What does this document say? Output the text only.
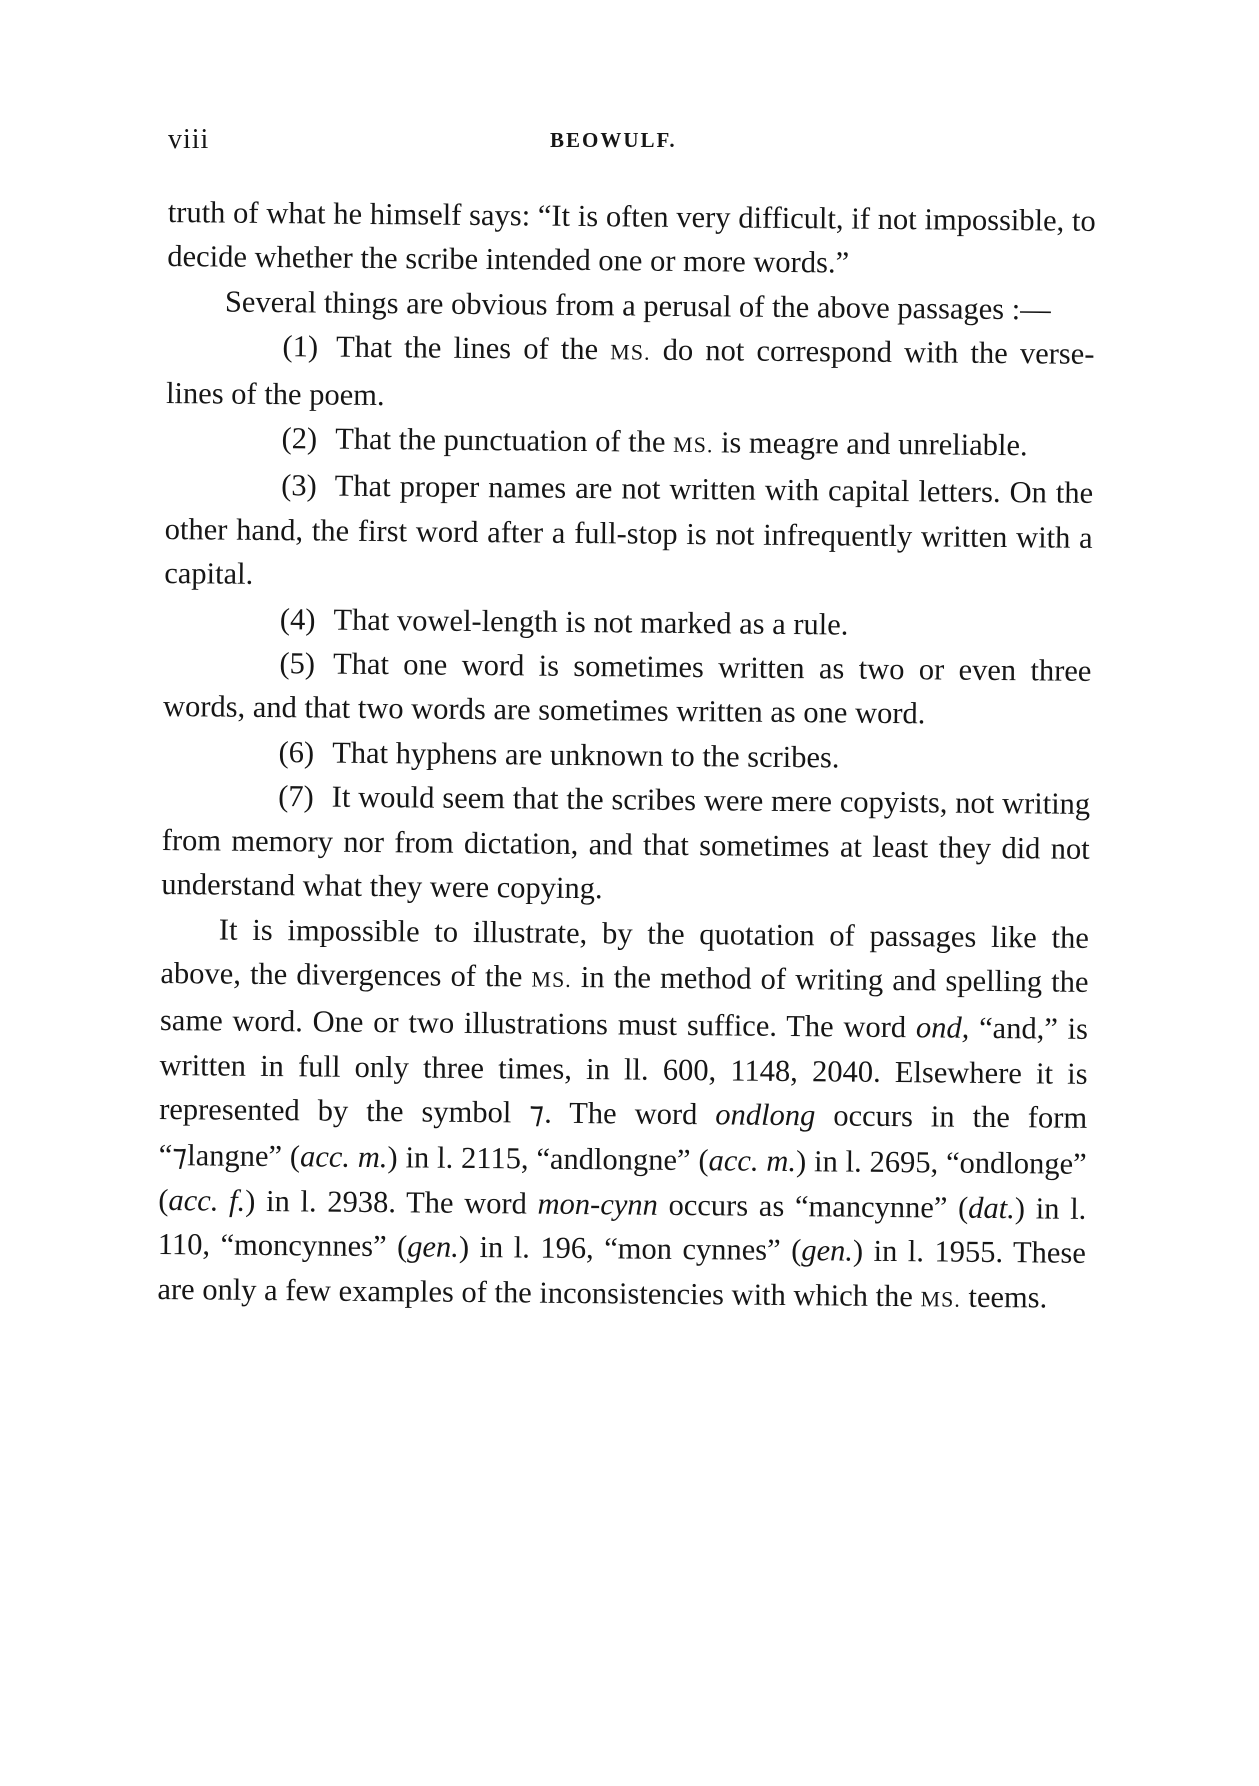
viii	BEOWULF.

truth of what he himself says: “It is often very difficult, if not impossible, to decide whether the scribe intended one or more words.”

Several things are obvious from a perusal of the above passages :—

(1) That the lines of the MS. do not correspond with the verse-lines of the poem.

(2) That the punctuation of the MS. is meagre and unreliable.

(3) That proper names are not written with capital letters. On the other hand, the first word after a full-stop is not infrequently written with a capital.

(4) That vowel-length is not marked as a rule.

(5) That one word is sometimes written as two or even three words, and that two words are sometimes written as one word.

(6) That hyphens are unknown to the scribes.

(7) It would seem that the scribes were mere copyists, not writing from memory nor from dictation, and that sometimes at least they did not understand what they were copying.

It is impossible to illustrate, by the quotation of passages like the above, the divergences of the MS. in the method of writing and spelling the same word. One or two illustrations must suffice. The word ond, “and,” is written in full only three times, in ll. 600, 1148, 2040. Elsewhere it is represented by the symbol ⁊. The word ondlong occurs in the form “⁊langne” (acc. m.) in l. 2115, “andlongne” (acc. m.) in l. 2695, “ondlonge” (acc. f.) in l. 2938. The word mon-cynn occurs as “mancynne” (dat.) in l. 110, “moncynnes” (gen.) in l. 196, “mon cynnes” (gen.) in l. 1955. These are only a few examples of the inconsistencies with which the MS. teems.
